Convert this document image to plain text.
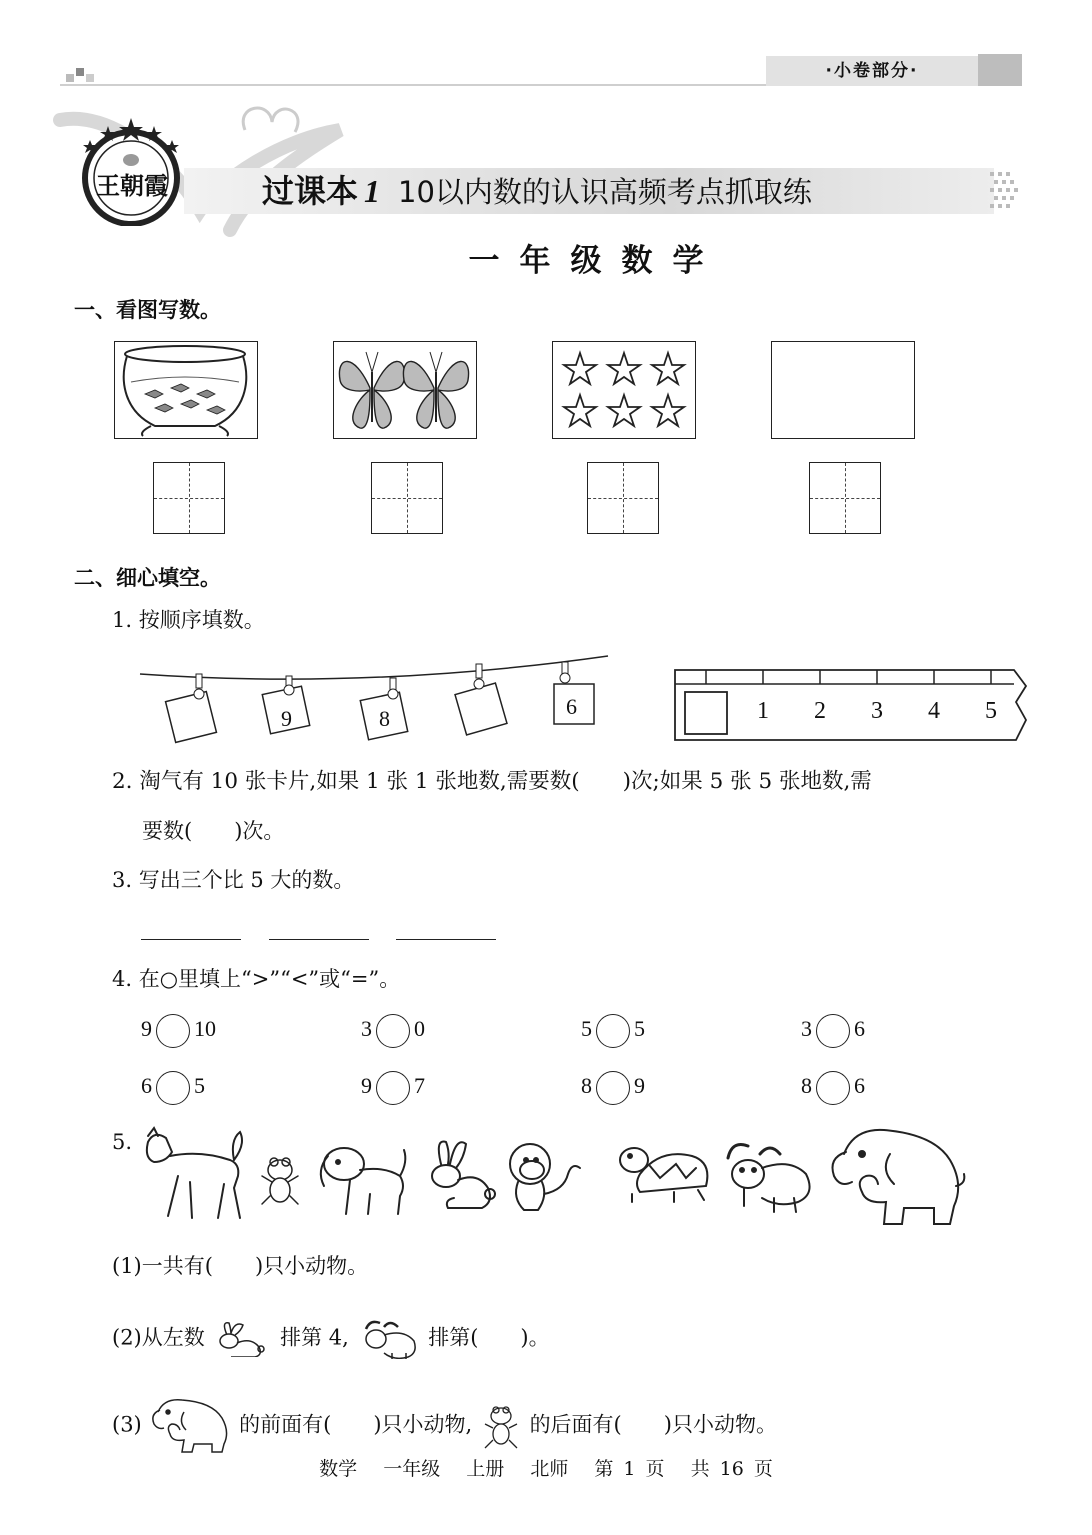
·小卷部分·
王朝霞	过课本 1 10以内数的认识高频考点抓取练
一年级数学
一、看图写数。
二、细心填空。
1. 按顺序填数。
9	8	6	1 2 3 4 5
2. 淘气有 10 张卡片,如果 1 张 1 张地数,需要数(　　)次;如果 5 张 5 张地数,需
要数(　　)次。
3. 写出三个比 5 大的数。
4. 在○里填上“>”“<”或“=”。
9 10	3 0	5 5	3 6
6 5	9 7	8 9	8 6
5.
(1)一共有(　　)只小动物。
(2)从左数	排第 4,	排第(　　)。
(3)	的前面有(　　)只小动物,	的后面有(　　)只小动物。
数学 一年级 上册 北师 第 1 页 共 16 页
